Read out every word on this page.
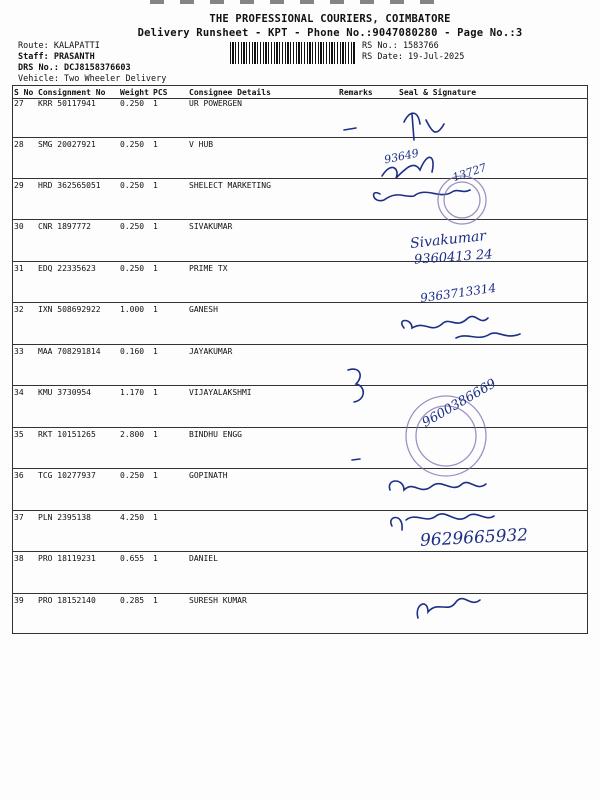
THE PROFESSIONAL COURIERS, COIMBATORE
Delivery Runsheet - KPT - Phone No.:9047080280 - Page No.:3
Route: KALAPATTI
Staff: PRASANTH
DRS No.: DCJ8158376603
Vehicle: Two Wheeler Delivery
RS No.: 1583766
RS Date: 19-Jul-2025
S No Consignment No Weight PCS	Consignee Details	Remarks	Seal & Signature
27 KRR 50117941	0.250 1	UR POWERGEN
28 SMG 20027921	0.250 1	V HUB
29 HRD 362565051 0.250 1	SHELECT MARKETING
30 CNR 1897772	0.250 1	SIVAKUMAR
31 EDQ 22335623	0.250 1	PRIME TX
32 IXN 508692922 1.000 1	GANESH
33 MAA 708291814 0.160 1	JAYAKUMAR
34 KMU 3730954	1.170 1	VIJAYALAKSHMI
35 RKT 10151265	2.800 1	BINDHU ENGG
36 TCG 10277937	0.250 1	GOPINATH
37 PLN 2395138	4.250 1
38 PRO 18119231	0.655 1	DANIEL
39 PRO 18152140	0.285 1	SURESH KUMAR
93649
13727
Sivakumar
9360413 24
9363713314
9600386669
9629665932
